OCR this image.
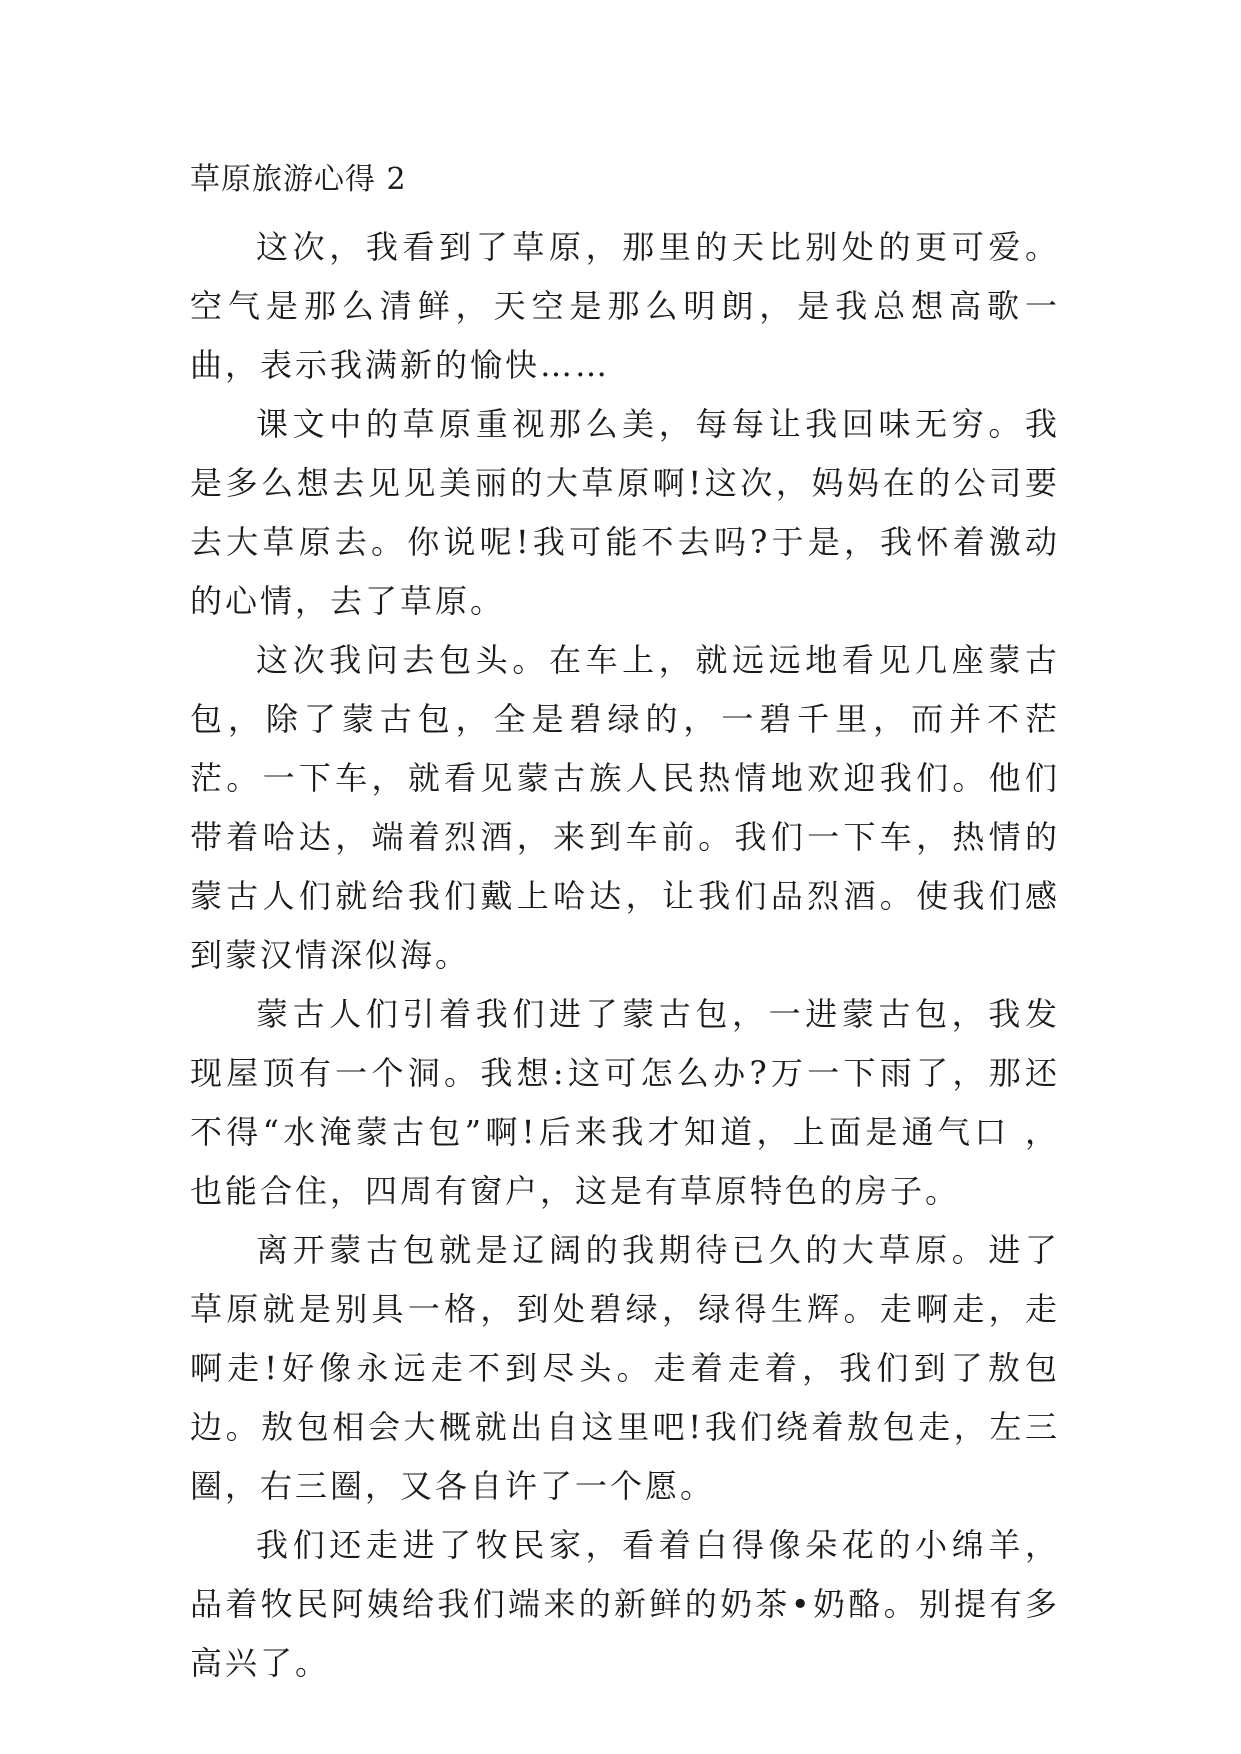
草原旅游心得 2

这次，我看到了草原，那里的天比别处的更可爱。空气是那么清鲜，天空是那么明朗，是我总想高歌一曲，表示我满新的愉快……

课文中的草原重视那么美，每每让我回味无穷。我是多么想去见见美丽的大草原啊!这次，妈妈在的公司要去大草原去。你说呢!我可能不去吗?于是，我怀着激动的心情，去了草原。

这次我问去包头。在车上，就远远地看见几座蒙古包，除了蒙古包，全是碧绿的，一碧千里，而并不茫茫。一下车，就看见蒙古族人民热情地欢迎我们。他们带着哈达，端着烈酒，来到车前。我们一下车，热情的蒙古人们就给我们戴上哈达，让我们品烈酒。使我们感到蒙汉情深似海。

蒙古人们引着我们进了蒙古包，一进蒙古包，我发现屋顶有一个洞。我想:这可怎么办?万一下雨了，那还不得“水淹蒙古包”啊!后来我才知道，上面是通气口 ，也能合住，四周有窗户，这是有草原特色的房子。

离开蒙古包就是辽阔的我期待已久的大草原。进了草原就是别具一格，到处碧绿，绿得生辉。走啊走，走啊走!好像永远走不到尽头。走着走着，我们到了敖包边。敖包相会大概就出自这里吧!我们绕着敖包走，左三圈，右三圈，又各自许了一个愿。

我们还走进了牧民家，看着白得像朵花的小绵羊，品着牧民阿姨给我们端来的新鲜的奶茶•奶酪。别提有多高兴了。
